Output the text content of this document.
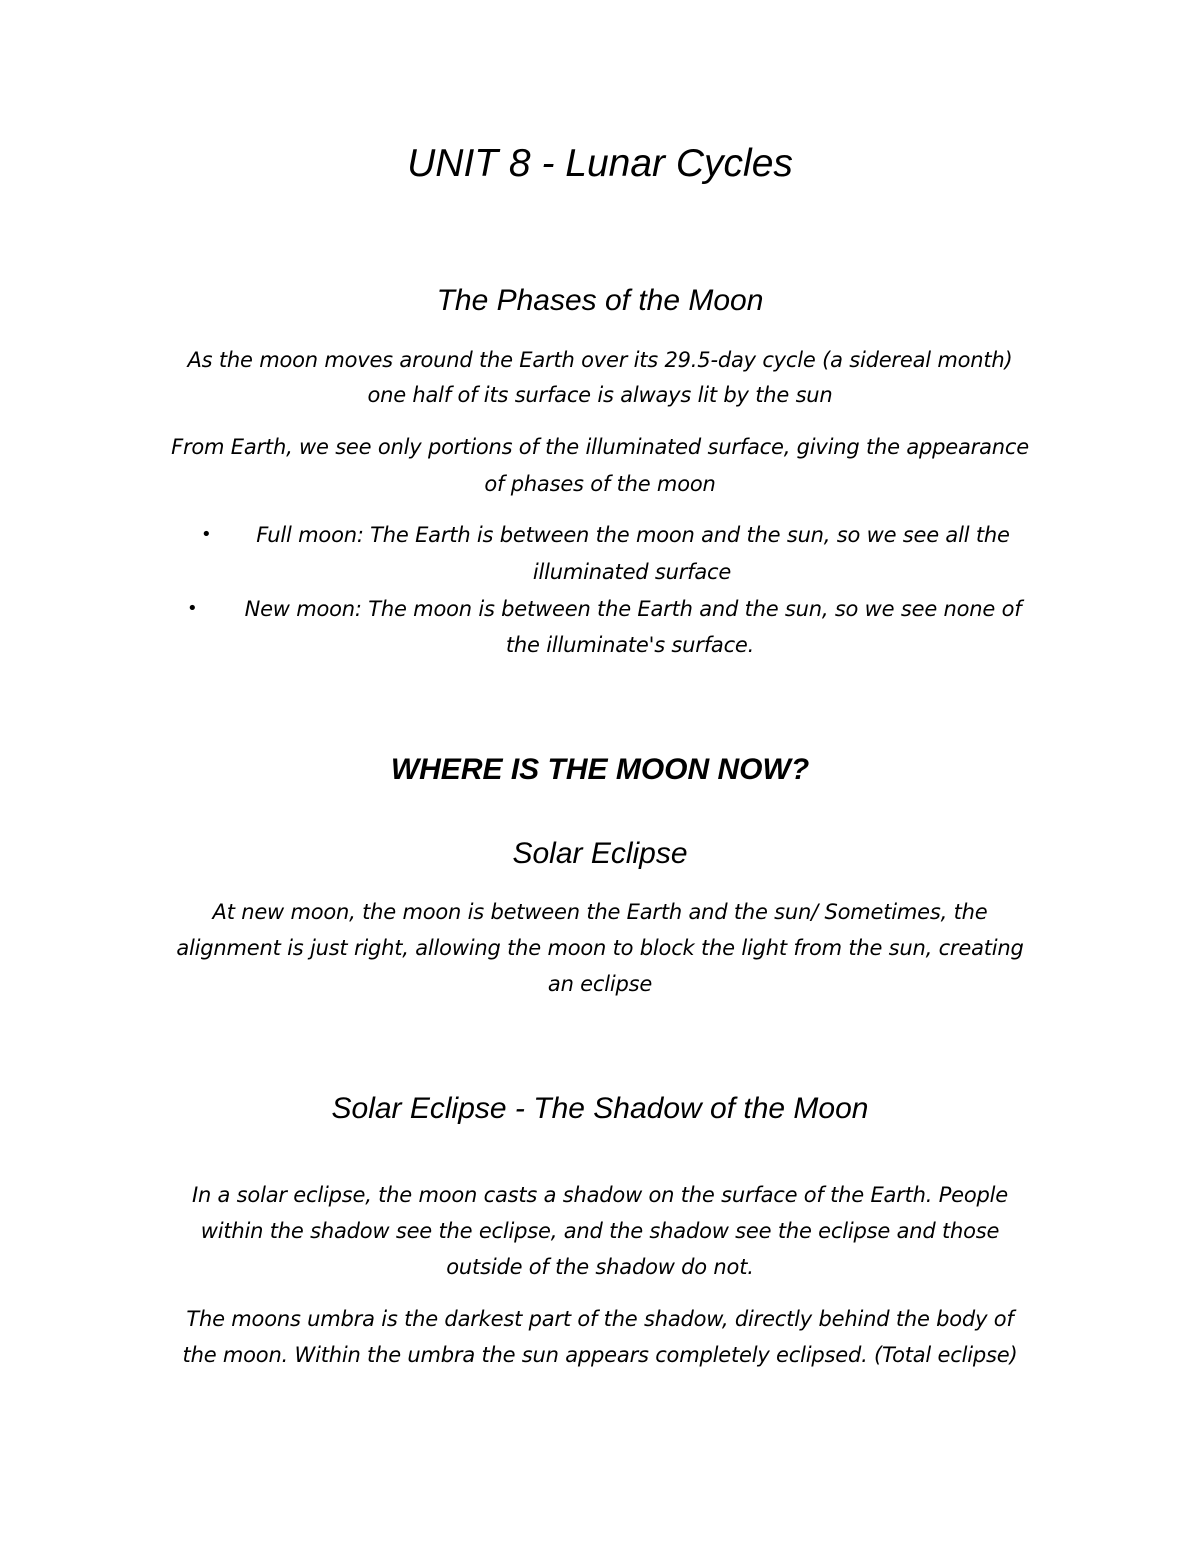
UNIT 8 - Lunar Cycles
The Phases of the Moon

As the moon moves around the Earth over its 29.5-day cycle (a sidereal month)

one half of its surface is always lit by the sun

From Earth, we see only portions of the illuminated surface, giving the appearance

of phases of the moon

•	Full moon: The Earth is between the moon and the sun, so we see all the

illuminated surface

•	New moon: The moon is between the Earth and the sun, so we see none of

the illuminate's surface.

WHERE IS THE MOON NOW?
Solar Eclipse

At new moon, the moon is between the Earth and the sun/ Sometimes, the

alignment is just right, allowing the moon to block the light from the sun, creating

an eclipse

Solar Eclipse - The Shadow of the Moon

In a solar eclipse, the moon casts a shadow on the surface of the Earth. People

within the shadow see the eclipse, and the shadow see the eclipse and those

outside of the shadow do not.

The moons umbra is the darkest part of the shadow, directly behind the body of

the moon. Within the umbra the sun appears completely eclipsed. (Total eclipse)
